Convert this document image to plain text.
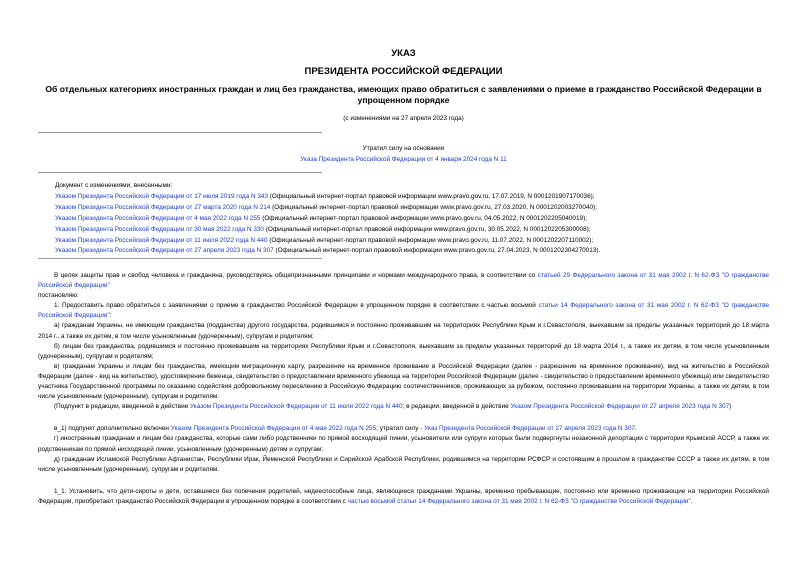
УКАЗ
ПРЕЗИДЕНТА РОССИЙСКОЙ ФЕДЕРАЦИИ
Об отдельных категориях иностранных граждан и лиц без гражданства, имеющих право обратиться с заявлениями о приеме в гражданство Российской Федерации в упрощенном порядке
(с изменениями на 27 апреля 2023 года)
Утратил силу на основании
Указа Президента Российской Федерации от 4 января 2024 года N 11
Документ с изменениями, внесенными:
Указом Президента Российской Федерации от 17 июля 2019 года N 343 (Официальный интернет-портал правовой информации www.pravo.gov.ru, 17.07.2019, N 0001201907170036);
Указом Президента Российской Федерации от 27 марта 2020 года N 214 (Официальный интернет-портал правовой информации www.pravo.gov.ru, 27.03.2020, N 0001202003270040);
Указом Президента Российской Федерации от 4 мая 2022 года N 255 (Официальный интернет-портал правовой информации www.pravo.gov.ru, 04.05.2022, N 0001202205040019);
Указом Президента Российской Федерации от 30 мая 2022 года N 330 (Официальный интернет-портал правовой информации www.pravo.gov.ru, 30.05.2022, N 0001202205300008);
Указом Президента Российской Федерации от 11 июля 2022 года N 440 (Официальный интернет-портал правовой информации www.pravo.gov.ru, 11.07.2022, N 0001202207110002);
Указом Президента Российской Федерации от 27 апреля 2023 года N 307 (Официальный интернет-портал правовой информации www.pravo.gov.ru, 27.04.2023, N 0001202304270013).

В целях защиты прав и свобод человека и гражданина, руководствуясь общепризнанными принципами и нормами международного права, в соответствии со статьей 29 Федерального закона от 31 мая 2002 г. N 62-ФЗ "О гражданстве Российской Федерации"

постановляю:

1. Предоставить право обратиться с заявлениями о приеме в гражданство Российской Федерации в упрощенном порядке в соответствии с частью восьмой статьи 14 Федерального закона от 31 мая 2002 г. N 62-ФЗ "О гражданстве Российской Федерации":

а) гражданам Украины, не имеющим гражданства (подданства) другого государства, родившимся и постоянно проживавшим на территориях Республики Крым и г.Севастополя, выехавшим за пределы указанных территорий до 18 марта 2014 г., а также их детям, в том числе усыновленным (удочеренным), супругам и родителям;

б) лицам без гражданства, родившимся и постоянно проживавшим на территориях Республики Крым и г.Севастополя, выехавшим за пределы указанных территорий до 18 марта 2014 г., а также их детям, в том числе усыновленным (удочеренным), супругам и родителям;

в) гражданам Украины и лицам без гражданства, имеющим миграционную карту, разрешение на временное проживание в Российской Федерации (далее - разрешение на временное проживание), вид на жительство в Российской Федерации (далее - вид на жительство), удостоверение беженца, свидетельство о предоставлении временного убежища на территории Российской Федерации (далее - свидетельство о предоставлении временного убежища) или свидетельство участника Государственной программы по оказанию содействия добровольному переселению в Российскую Федерацию соотечественников, проживающих за рубежом, постоянно проживавшим на территории Украины, а также их детям, в том числе усыновленным (удочеренным), супругам и родителям.

(Подпункт в редакции, введенной в действие Указом Президента Российской Федерации от 11 июля 2022 года N 440; в редакции, введенной в действие Указом Президента Российской Федерации от 27 апреля 2023 года N 307)

в_1) подпункт дополнительно включен Указом Президента Российской Федерации от 4 мая 2022 года N 255; утратил силу - Указ Президента Российской Федерации от 27 апреля 2023 года N 307.

г) иностранным гражданам и лицам без гражданства, которые сами либо родственники по прямой восходящей линии, усыновители или супруги которых были подвергнуты незаконной депортации с территории Крымской АССР, а также их родственникам по прямой нисходящей линии, усыновленным (удочеренным) детям и супругам;

д) гражданам Исламской Республики Афганистан, Республики Ирак, Йеменской Республики и Сирийской Арабской Республики, родившимся на территории РСФСР и состоявшим в прошлом в гражданстве СССР а также их детям, в том числе усыновленным (удочеренным), супругам и родителям.

1_1. Установить, что дети-сироты и дети, оставшиеся без попечения родителей, недееспособные лица, являющиеся гражданами Украины, временно пребывающие, постоянно или временно проживающие на территории Российской Федерации, приобретают гражданство Российской Федерации в упрощенном порядке в соответствии с частью восьмой статьи 14 Федерального закона от 31 мая 2002 г. N 62-ФЗ "О гражданстве Российской Федерации".
